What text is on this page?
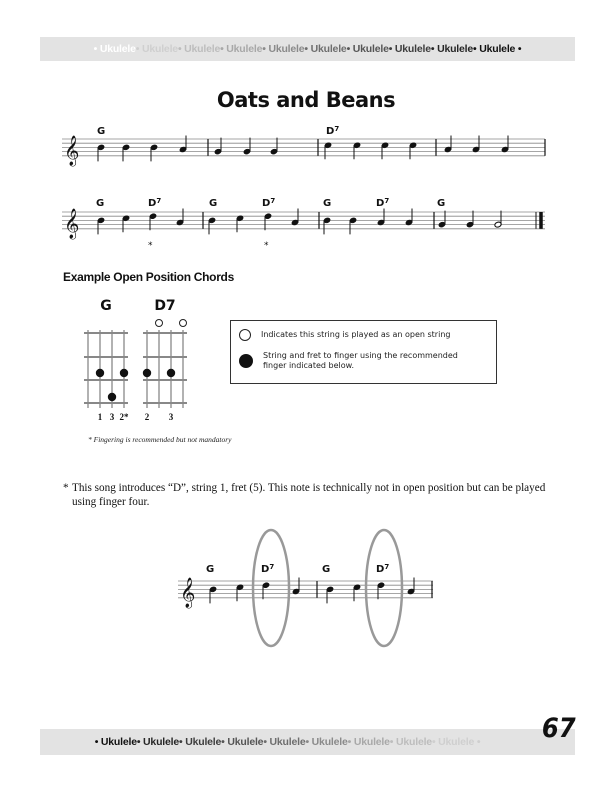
• Ukulele • Ukulele • Ukulele • Ukulele • Ukulele • Ukulele • Ukulele • Ukulele • Ukulele • Ukulele •
Oats and Beans
𝄞
G	$D^7$
𝄞
G	$D^7$	G	$D^7$	G	$D^7$	G
*	*
𝄞
G	$D^7$	G	$D^7$
G
1 3 2*
D7
2 3
Example Open Position Chords
Indicates this string is played as an open string
String and fret to finger using the recommended
finger indicated below.
* Fingering is recommended but not mandatory
* This song introduces “D”, string 1, fret (5). This note is technically not in open position but can be played using finger four.
• Ukulele • Ukulele • Ukulele • Ukulele • Ukulele • Ukulele • Ukulele • Ukulele • Ukulele • 67
